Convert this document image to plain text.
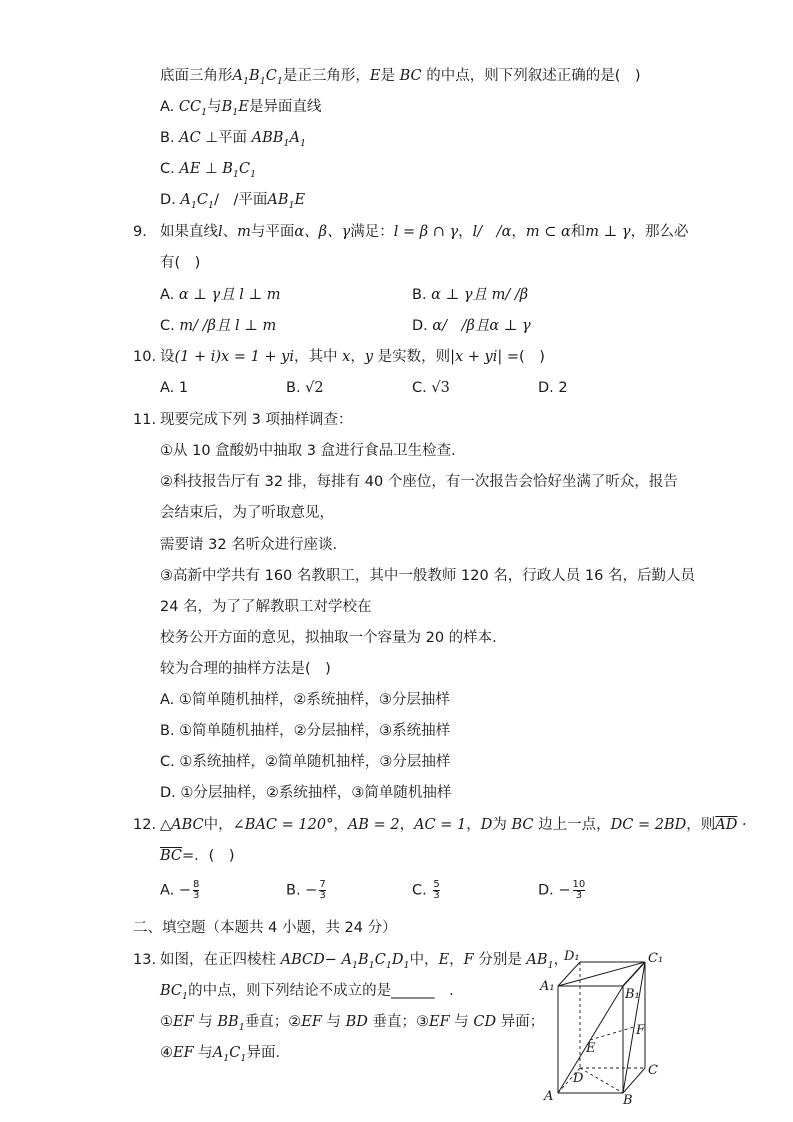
底面三角形$A_1B_1C_1$是正三角形，E是 BC 的中点，则下列叙述正确的是(　)
A. $CC_1$与$B_1E$是异面直线
B. AC ⊥平面 $ABB_1A_1$
C. AE ⊥ $B_1C_1$
D. $A_1C_1/$　/平面$AB_1E$
9. 如果直线l、m与平面α、β、γ满足：l = β ∩ γ，l/　/α，m ⊂ α和m ⊥ γ，那么必
有(　)
A. α ⊥ γ且 l ⊥ m	B. α ⊥ γ且 m/ /β
C. m/ /β且 l ⊥ m	D. α/　/β且α ⊥ γ
10. 设(1 + i)x = 1 + yi，其中 x，y 是实数，则|x + yi| =(　)
A. 1	B. √2	C. √3	D. 2
11. 现要完成下列 3 项抽样调查：
①从 10 盒酸奶中抽取 3 盒进行食品卫生检查．
②科技报告厅有 32 排，每排有 40 个座位，有一次报告会恰好坐满了听众，报告
会结束后，为了听取意见，
需要请 32 名听众进行座谈．
③高新中学共有 160 名教职工，其中一般教师 120 名，行政人员 16 名，后勤人员
24 名，为了了解教职工对学校在
校务公开方面的意见，拟抽取一个容量为 20 的样本．
较为合理的抽样方法是(　)
A. ①简单随机抽样，②系统抽样，③分层抽样
B. ①简单随机抽样，②分层抽样，③系统抽样
C. ①系统抽样，②简单随机抽样，③分层抽样
D. ①分层抽样，②系统抽样，③简单随机抽样
12. △ABC中，∠BAC = 120°，AB = 2，AC = 1，D为 BC 边上一点，DC = 2BD，则$\overline{AD}$ ·
$\overline{BC}=$．(　)
A. − $\frac{8}{3}$	B. − $\frac{7}{3}$	C. $\frac{5}{3}$	D. − $\frac{10}{3}$
二、填空题（本题共 4 小题，共 24 分）
13. 如图，在正四棱柱 ABCD− $A_1B_1C_1D_1$中，E，F 分别是 $AB_1$，
$BC_1$的中点，则下列结论不成立的是______　.
①EF 与 $BB_1$垂直；②EF 与 BD 垂直；③EF 与 CD 异面；
④EF 与$A_1C_1$异面．
D₁	C₁
A₁
B₁
F
E
D
C
A	B
